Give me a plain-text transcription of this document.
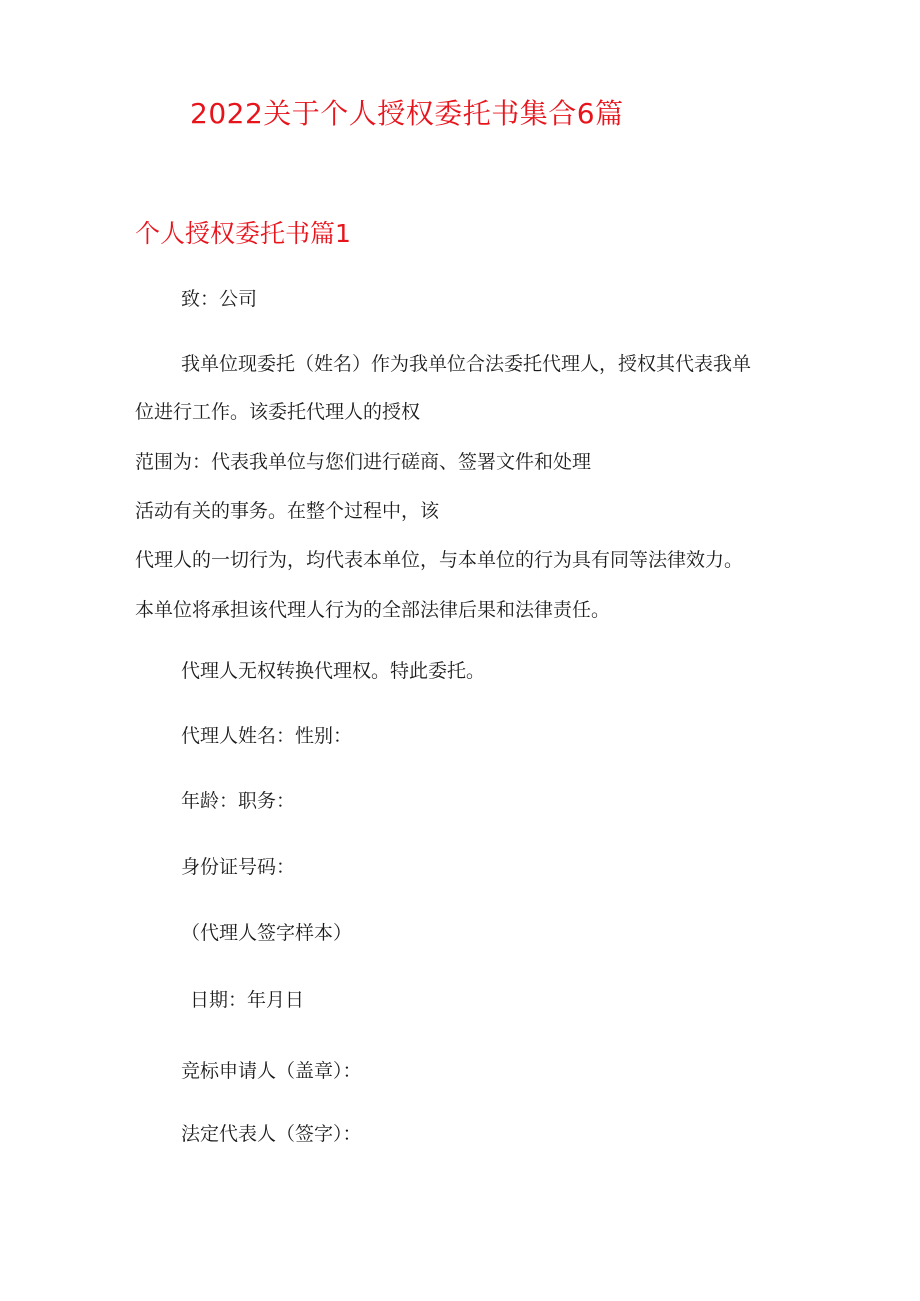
2022关于个人授权委托书集合6篇
个人授权委托书篇1

致：公司

我单位现委托（姓名）作为我单位合法委托代理人，授权其代表我单

位进行工作。该委托代理人的授权

范围为：代表我单位与您们进行磋商、签署文件和处理

活动有关的事务。在整个过程中，该

代理人的一切行为，均代表本单位，与本单位的行为具有同等法律效力。

本单位将承担该代理人行为的全部法律后果和法律责任。

代理人无权转换代理权。特此委托。

代理人姓名：性别：

年龄：职务：

身份证号码：

（代理人签字样本）

日期：年月日

竞标申请人（盖章）：

法定代表人（签字）：
